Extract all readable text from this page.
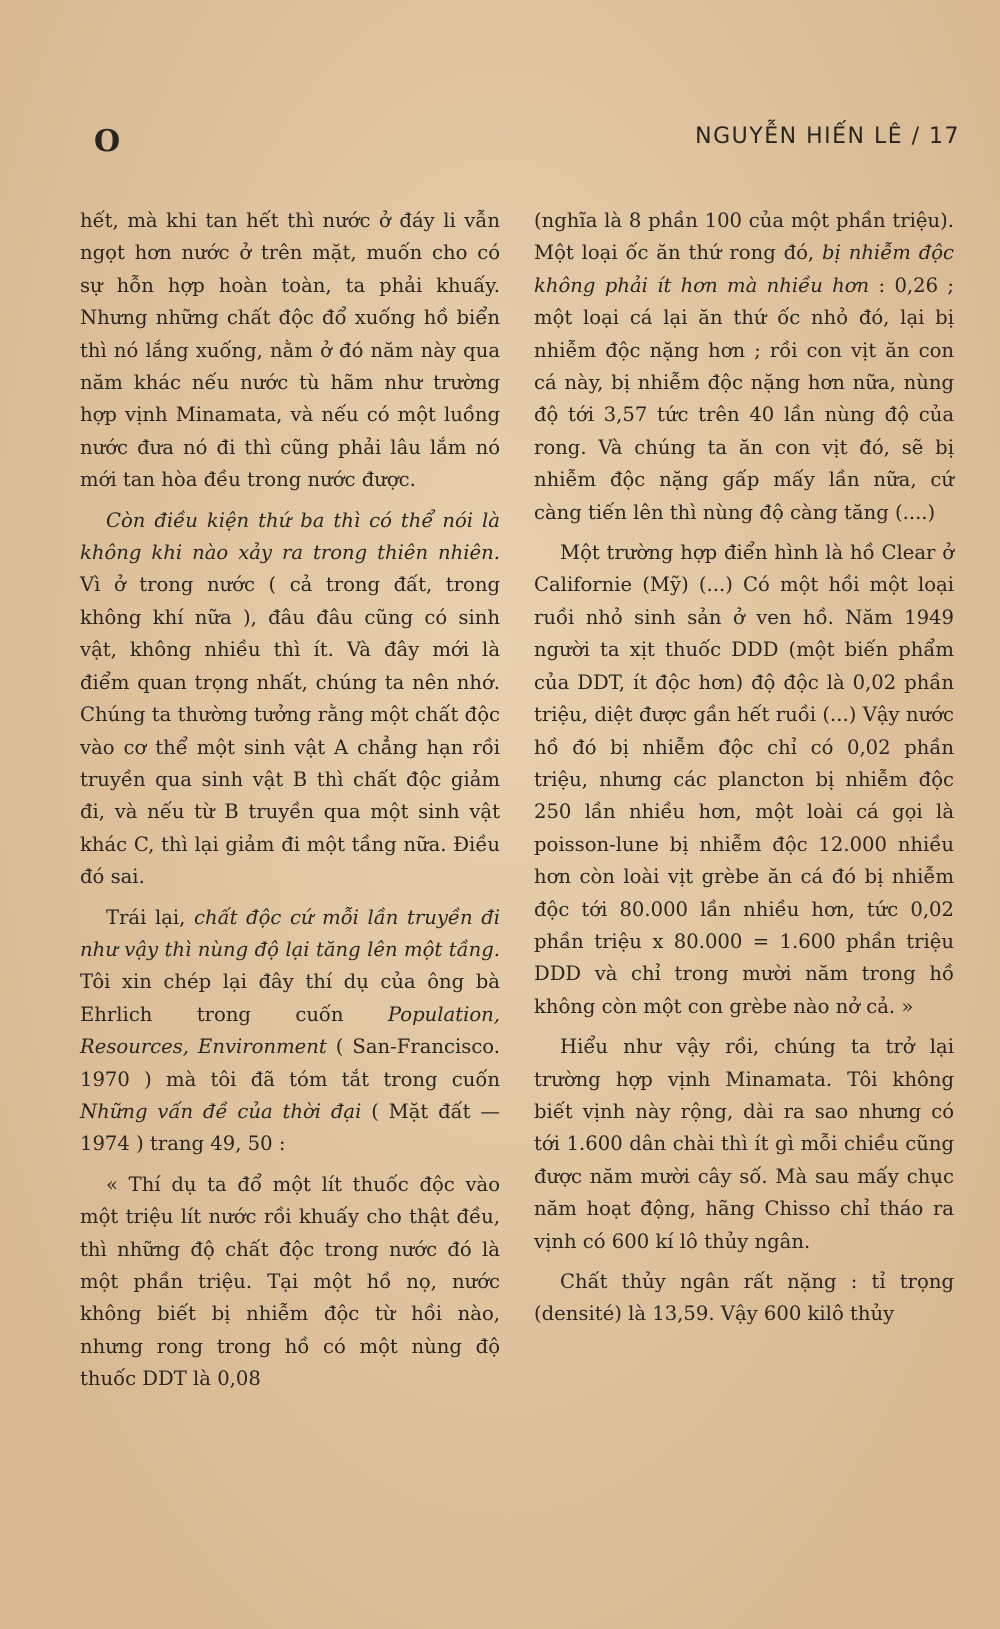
O	NGUYỄN HIẾN LÊ / 17

hết, mà khi tan hết thì nước ở đáy li vẫn ngọt hơn nước ở trên mặt, muốn cho có sự hỗn hợp hoàn toàn, ta phải khuấy. Nhưng những chất độc đổ xuống hồ biển thì nó lắng xuống, nằm ở đó năm này qua năm khác nếu nước tù hãm như trường hợp vịnh Minamata, và nếu có một luồng nước đưa nó đi thì cũng phải lâu lắm nó mới tan hòa đều trong nước được.

Còn điều kiện thứ ba thì có thể nói là không khi nào xảy ra trong thiên nhiên. Vì ở trong nước ( cả trong đất, trong không khí nữa ), đâu đâu cũng có sinh vật, không nhiều thì ít. Và đây mới là điểm quan trọng nhất, chúng ta nên nhớ. Chúng ta thường tưởng rằng một chất độc vào cơ thể một sinh vật A chẳng hạn rồi truyền qua sinh vật B thì chất độc giảm đi, và nếu từ B truyền qua một sinh vật khác C, thì lại giảm đi một tầng nữa. Điều đó sai.

Trái lại, chất độc cứ mỗi lần truyền đi như vậy thì nùng độ lại tăng lên một tầng. Tôi xin chép lại đây thí dụ của ông bà Ehrlich trong cuốn Population, Resources, Environment ( San-Francisco. 1970 ) mà tôi đã tóm tắt trong cuốn Những vấn đề của thời đại ( Mặt đất — 1974 ) trang 49, 50 :

« Thí dụ ta đổ một lít thuốc độc vào một triệu lít nước rồi khuấy cho thật đều, thì những độ chất độc trong nước đó là một phần triệu. Tại một hồ nọ, nước không biết bị nhiễm độc từ hồi nào, nhưng rong trong hồ có một nùng độ thuốc DDT là 0,08

(nghĩa là 8 phần 100 của một phần triệu). Một loại ốc ăn thứ rong đó, bị nhiễm độc không phải ít hơn mà nhiều hơn : 0,26 ; một loại cá lại ăn thứ ốc nhỏ đó, lại bị nhiễm độc nặng hơn ; rồi con vịt ăn con cá này, bị nhiễm độc nặng hơn nữa, nùng độ tới 3,57 tức trên 40 lần nùng độ của rong. Và chúng ta ăn con vịt đó, sẽ bị nhiễm độc nặng gấp mấy lần nữa, cứ càng tiến lên thì nùng độ càng tăng (....)

Một trường hợp điển hình là hồ Clear ở Californie (Mỹ) (...) Có một hồi một loại ruồi nhỏ sinh sản ở ven hồ. Năm 1949 người ta xịt thuốc DDD (một biến phẩm của DDT, ít độc hơn) độ độc là 0,02 phần triệu, diệt được gần hết ruồi (...) Vậy nước hồ đó bị nhiễm độc chỉ có 0,02 phần triệu, nhưng các plancton bị nhiễm độc 250 lần nhiều hơn, một loài cá gọi là poisson-lune bị nhiễm độc 12.000 nhiều hơn còn loài vịt grèbe ăn cá đó bị nhiễm độc tới 80.000 lần nhiều hơn, tức 0,02 phần triệu x 80.000 = 1.600 phần triệu DDD và chỉ trong mười năm trong hồ không còn một con grèbe nào nở cả. »

Hiểu như vậy rồi, chúng ta trở lại trường hợp vịnh Minamata. Tôi không biết vịnh này rộng, dài ra sao nhưng có tới 1.600 dân chài thì ít gì mỗi chiều cũng được năm mười cây số. Mà sau mấy chục năm hoạt động, hãng Chisso chỉ tháo ra vịnh có 600 kí lô thủy ngân.

Chất thủy ngân rất nặng : tỉ trọng (densité) là 13,59. Vậy 600 kilô thủy
